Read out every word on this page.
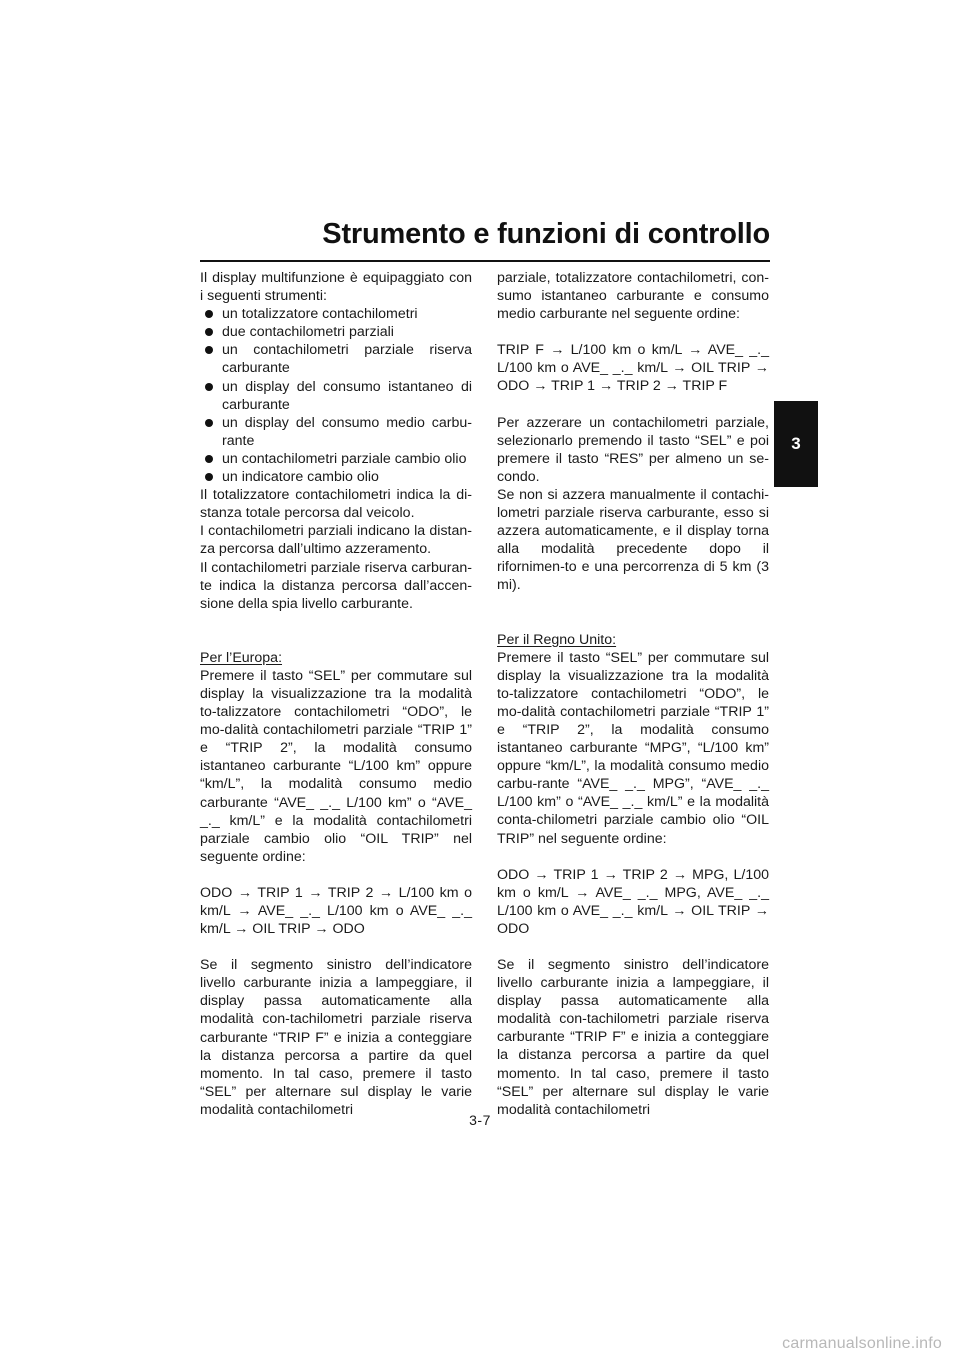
Strumento e funzioni di controllo

Il display multifunzione è equipaggiato con i seguenti strumenti:

un totalizzatore contachilometri
due contachilometri parziali
un contachilometri parziale riserva carburante
un display del consumo istantaneo di carburante
un display del consumo medio carbu-rante
un contachilometri parziale cambio olio
un indicatore cambio olio

Il totalizzatore contachilometri indica la di-stanza totale percorsa dal veicolo.

I contachilometri parziali indicano la distan-za percorsa dall’ultimo azzeramento.

Il contachilometri parziale riserva carburan-te indica la distanza percorsa dall’accen-sione della spia livello carburante.

Per l’Europa:

Premere il tasto “SEL” per commutare sul display la visualizzazione tra la modalità to-talizzatore contachilometri “ODO”, le mo-dalità contachilometri parziale “TRIP 1” e “TRIP 2”, la modalità consumo istantaneo carburante “L/100 km” oppure “km/L”, la modalità consumo medio carburante “AVE_ _._ L/100 km” o “AVE_ _._ km/L” e la modalità contachilometri parziale cambio olio “OIL TRIP” nel seguente ordine:

ODO → TRIP 1 → TRIP 2 → L/100 km o km/L → AVE_ _._ L/100 km o AVE_ _._ km/L → OIL TRIP → ODO

Se il segmento sinistro dell’indicatore livello carburante inizia a lampeggiare, il display passa automaticamente alla modalità con-tachilometri parziale riserva carburante “TRIP F” e inizia a conteggiare la distanza percorsa a partire da quel momento. In tal caso, premere il tasto “SEL” per alternare sul display le varie modalità contachilometri

parziale, totalizzatore contachilometri, con-sumo istantaneo carburante e consumo medio carburante nel seguente ordine:

TRIP F → L/100 km o km/L → AVE_ _._ L/100 km o AVE_ _._ km/L → OIL TRIP → ODO → TRIP 1 → TRIP 2 → TRIP F

Per azzerare un contachilometri parziale, selezionarlo premendo il tasto “SEL” e poi premere il tasto “RES” per almeno un se-condo.

Se non si azzera manualmente il contachi-lometri parziale riserva carburante, esso si azzera automaticamente, e il display torna alla modalità precedente dopo il rifornimen-to e una percorrenza di 5 km (3 mi).

Per il Regno Unito:

Premere il tasto “SEL” per commutare sul display la visualizzazione tra la modalità to-talizzatore contachilometri “ODO”, le mo-dalità contachilometri parziale “TRIP 1” e “TRIP 2”, la modalità consumo istantaneo carburante “MPG”, “L/100 km” oppure “km/L”, la modalità consumo medio carbu-rante “AVE_ _._ MPG”, “AVE_ _._ L/100 km” o “AVE_ _._ km/L” e la modalità conta-chilometri parziale cambio olio “OIL TRIP” nel seguente ordine:

ODO → TRIP 1 → TRIP 2 → MPG, L/100 km o km/L → AVE_ _._ MPG, AVE_ _._ L/100 km o AVE_ _._ km/L → OIL TRIP → ODO

Se il segmento sinistro dell’indicatore livello carburante inizia a lampeggiare, il display passa automaticamente alla modalità con-tachilometri parziale riserva carburante “TRIP F” e inizia a conteggiare la distanza percorsa a partire da quel momento. In tal caso, premere il tasto “SEL” per alternare sul display le varie modalità contachilometri

3
3-7
carmanualsonline.info
